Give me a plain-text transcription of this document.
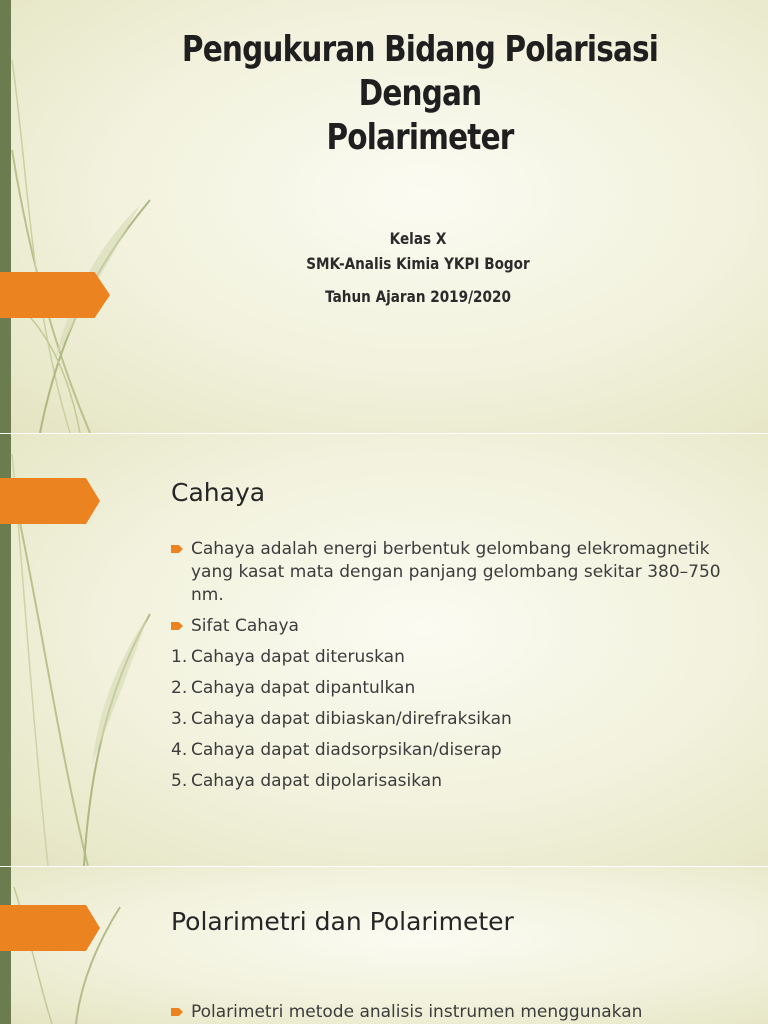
Pengukuran Bidang Polarisasi Dengan
Polarimeter
Kelas X
SMK-Analis Kimia YKPI Bogor
Tahun Ajaran 2019/2020
Cahaya
Cahaya adalah energi berbentuk gelombang elekromagnetik yang kasat mata dengan panjang gelombang sekitar 380–750 nm.
Sifat Cahaya
1. Cahaya dapat diteruskan
2. Cahaya dapat dipantulkan
3. Cahaya dapat dibiaskan/direfraksikan
4. Cahaya dapat diadsorpsikan/diserap
5. Cahaya dapat dipolarisasikan
Polarimetri dan Polarimeter
Polarimetri metode analisis instrumen menggunakan
